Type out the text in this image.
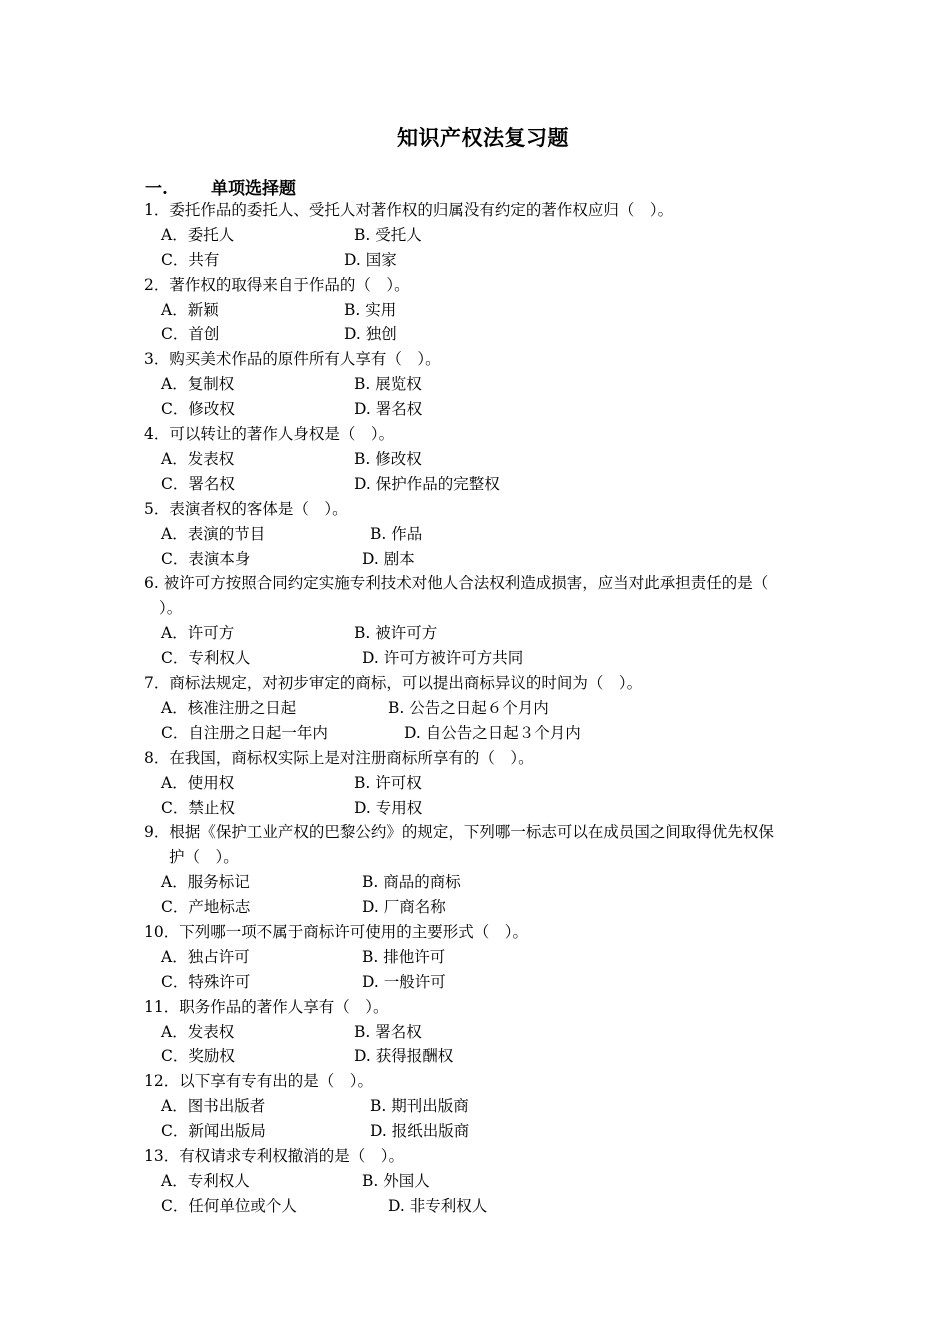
知识产权法复习题
一.	单项选择题
1．委托作品的委托人、受托人对著作权的归属没有约定的著作权应归（　）。
A．委托人	B. 受托人
C．共有	D. 国家
2．著作权的取得来自于作品的（　）。
A．新颖	B. 实用
C．首创	D. 独创
3．购买美术作品的原件所有人享有（　）。
A．复制权	B. 展览权
C．修改权	D. 署名权
4．可以转让的著作人身权是（　）。
A．发表权	B. 修改权
C．署名权	D. 保护作品的完整权
5．表演者权的客体是（　）。
A．表演的节目	B. 作品
C．表演本身	D. 剧本
6. 被许可方按照合同约定实施专利技术对他人合法权利造成损害，应当对此承担责任的是（
）。
A．许可方	B. 被许可方
C．专利权人	D. 许可方被许可方共同
7．商标法规定，对初步审定的商标，可以提出商标异议的时间为（　）。
A．核准注册之日起	B. 公告之日起６个月内
C．自注册之日起一年内	D. 自公告之日起３个月内
8．在我国，商标权实际上是对注册商标所享有的（　）。
A．使用权	B. 许可权
C．禁止权	D. 专用权
9．根据《保护工业产权的巴黎公约》的规定，下列哪一标志可以在成员国之间取得优先权保
护（　）。
A．服务标记	B. 商品的商标
C．产地标志	D. 厂商名称
10．下列哪一项不属于商标许可使用的主要形式（　）。
A．独占许可	B. 排他许可
C．特殊许可	D. 一般许可
11．职务作品的著作人享有（　）。
A．发表权	B. 署名权
C．奖励权	D. 获得报酬权
12．以下享有专有出的是（　）。
A．图书出版者	B. 期刊出版商
C．新闻出版局	D. 报纸出版商
13．有权请求专利权撤消的是（　）。
A．专利权人	B. 外国人
C．任何单位或个人	D. 非专利权人
